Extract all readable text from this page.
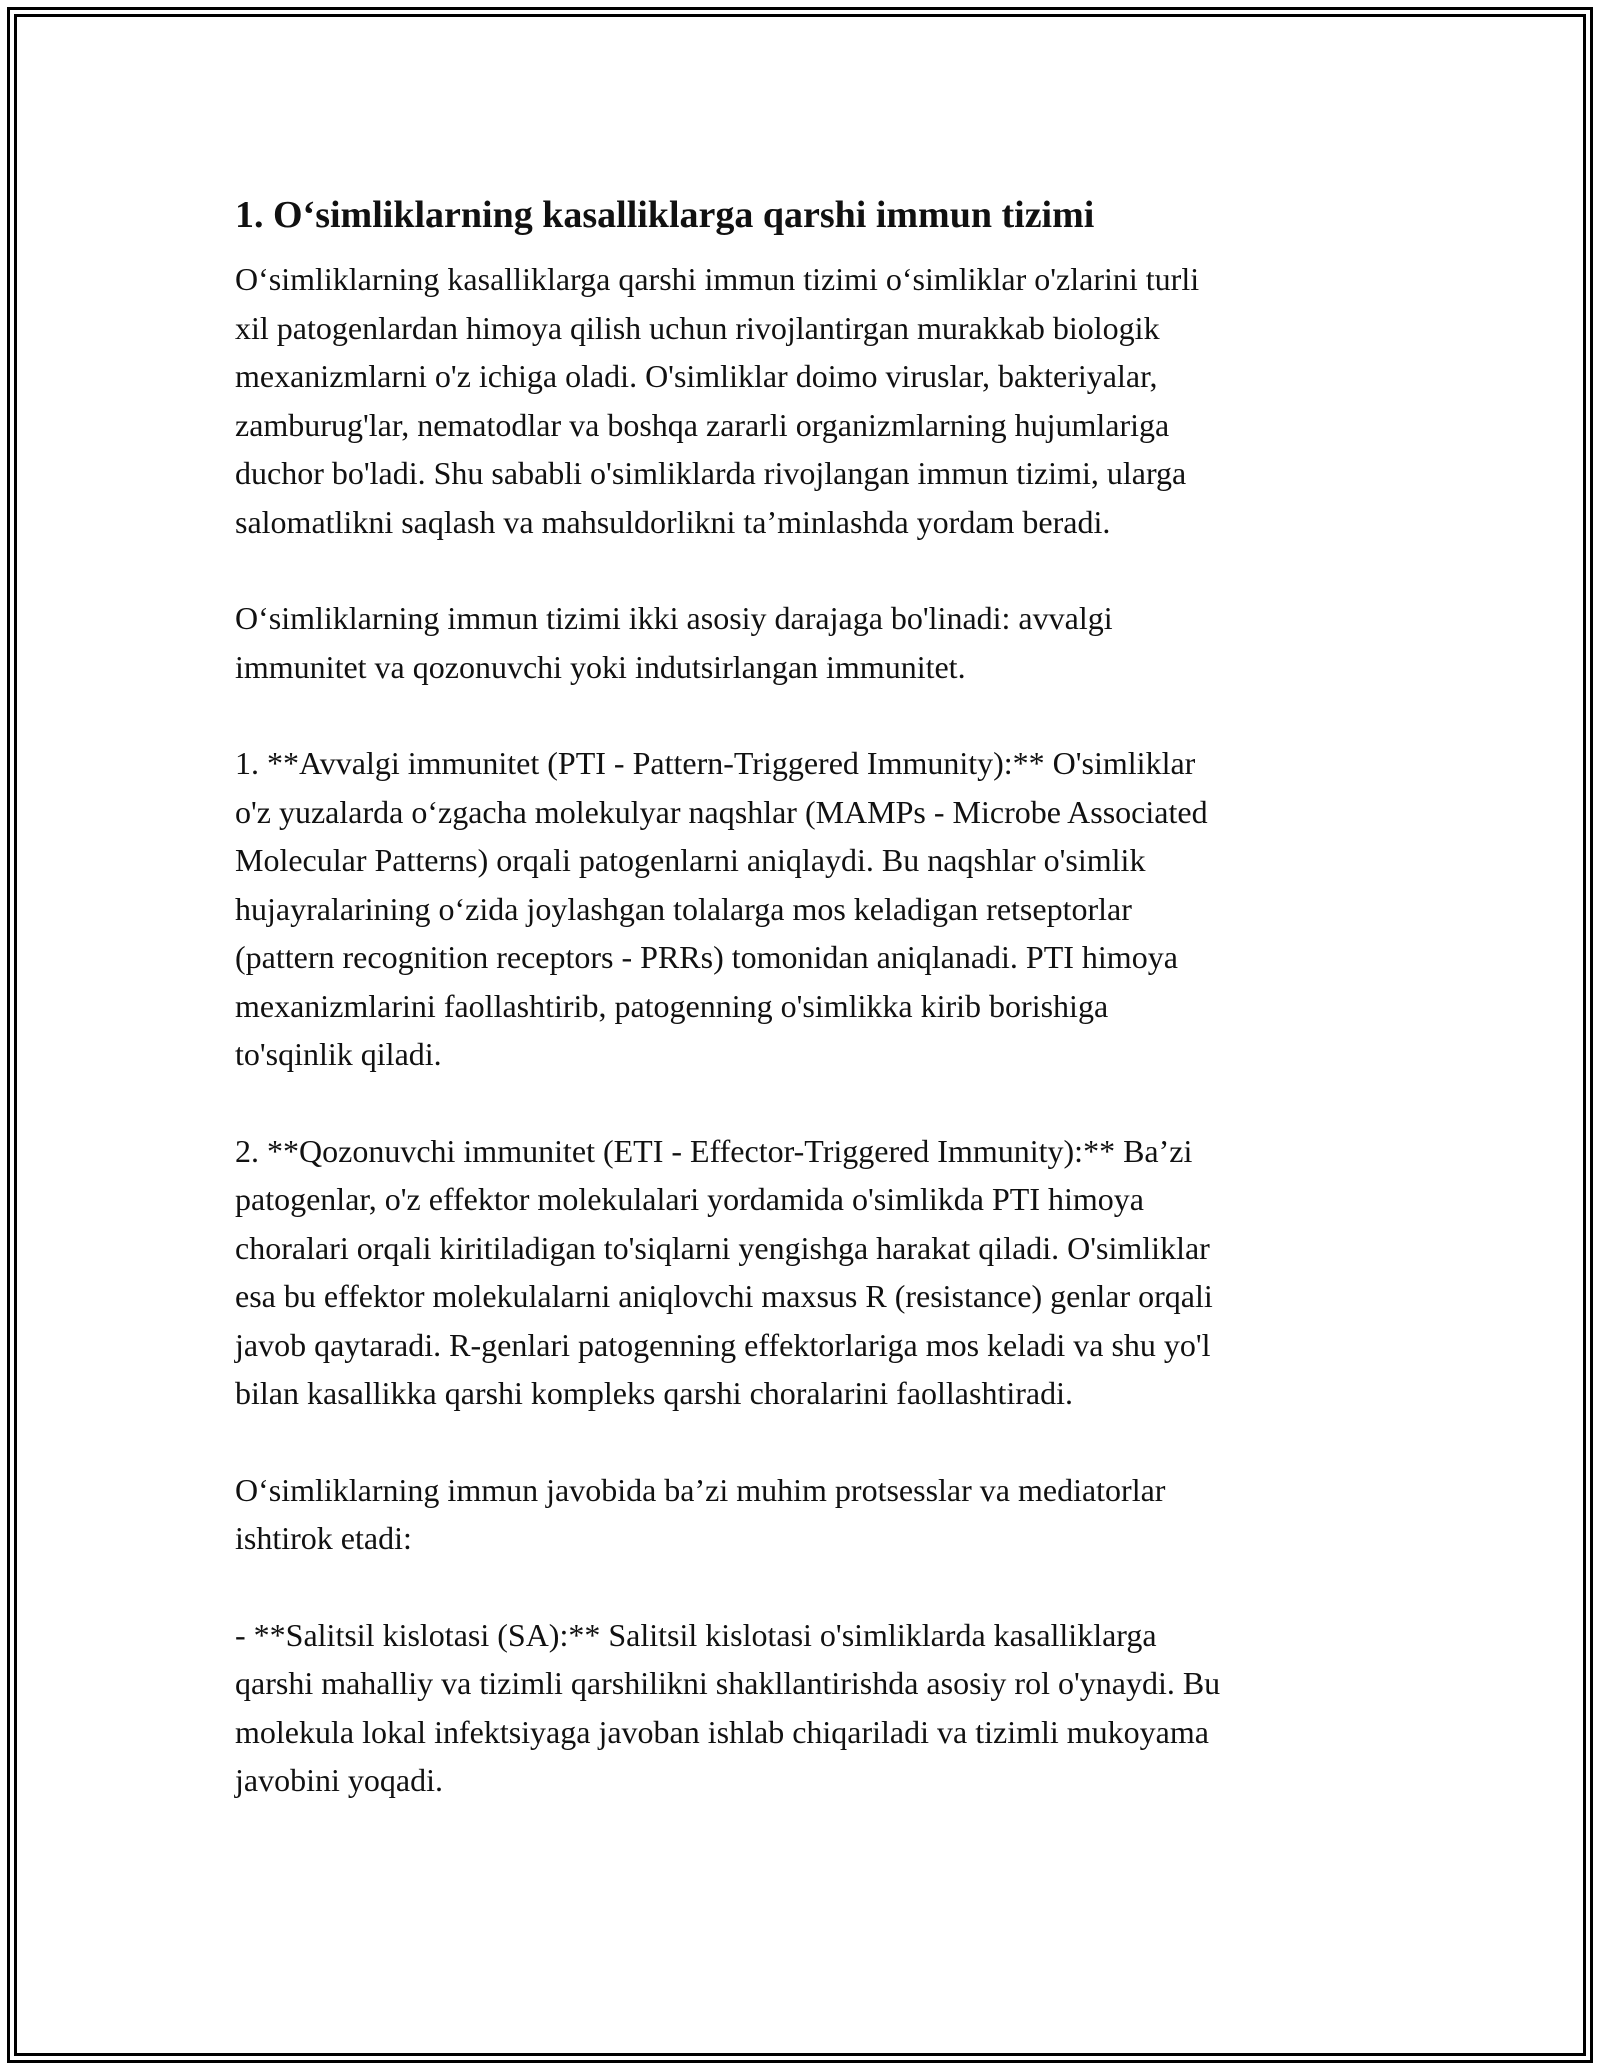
1. O‘simliklarning kasalliklarga qarshi immun tizimi

O‘simliklarning kasalliklarga qarshi immun tizimi o‘simliklar o'zlarini turli
xil patogenlardan himoya qilish uchun rivojlantirgan murakkab biologik
mexanizmlarni o'z ichiga oladi. O'simliklar doimo viruslar, bakteriyalar,
zamburug'lar, nematodlar va boshqa zararli organizmlarning hujumlariga
duchor bo'ladi. Shu sababli o'simliklarda rivojlangan immun tizimi, ularga
salomatlikni saqlash va mahsuldorlikni ta’minlashda yordam beradi.

O‘simliklarning immun tizimi ikki asosiy darajaga bo'linadi: avvalgi
immunitet va qozonuvchi yoki indutsirlangan immunitet.

1. **Avvalgi immunitet (PTI - Pattern-Triggered Immunity):** O'simliklar
o'z yuzalarda o‘zgacha molekulyar naqshlar (MAMPs - Microbe Associated
Molecular Patterns) orqali patogenlarni aniqlaydi. Bu naqshlar o'simlik
hujayralarining o‘zida joylashgan tolalarga mos keladigan retseptorlar
(pattern recognition receptors - PRRs) tomonidan aniqlanadi. PTI himoya
mexanizmlarini faollashtirib, patogenning o'simlikka kirib borishiga
to'sqinlik qiladi.

2. **Qozonuvchi immunitet (ETI - Effector-Triggered Immunity):** Ba’zi
patogenlar, o'z effektor molekulalari yordamida o'simlikda PTI himoya
choralari orqali kiritiladigan to'siqlarni yengishga harakat qiladi. O'simliklar
esa bu effektor molekulalarni aniqlovchi maxsus R (resistance) genlar orqali
javob qaytaradi. R-genlari patogenning effektorlariga mos keladi va shu yo'l
bilan kasallikka qarshi kompleks qarshi choralarini faollashtiradi.

O‘simliklarning immun javobida ba’zi muhim protsesslar va mediatorlar
ishtirok etadi:

- **Salitsil kislotasi (SA):** Salitsil kislotasi o'simliklarda kasalliklarga
qarshi mahalliy va tizimli qarshilikni shakllantirishda asosiy rol o'ynaydi. Bu
molekula lokal infektsiyaga javoban ishlab chiqariladi va tizimli mukoyama
javobini yoqadi.
